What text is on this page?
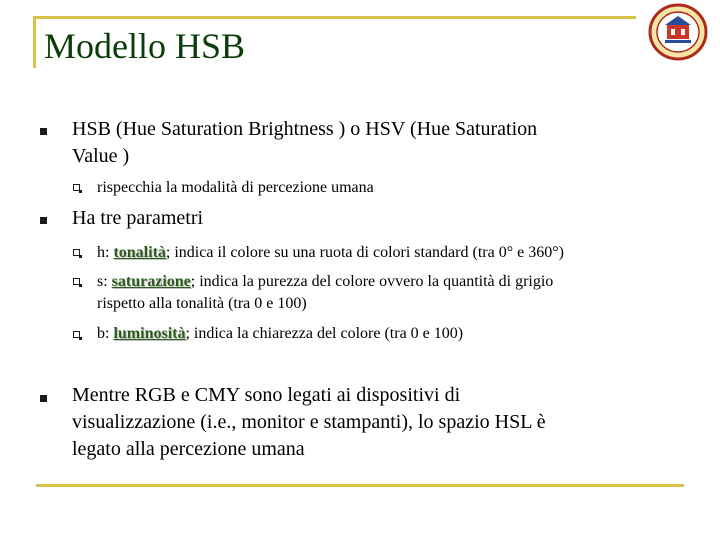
Modello HSB
HSB (Hue Saturation Brightness ) o HSV (Hue Saturation
Value )
rispecchia la modalità di percezione umana
Ha tre parametri
h: tonalità; indica il colore su una ruota di colori standard (tra 0° e 360°)
s: saturazione; indica la purezza del colore ovvero la quantità di grigio
rispetto alla tonalità (tra 0 e 100)
b: luminosità; indica la chiarezza del colore (tra 0 e 100)
Mentre RGB e CMY sono legati ai dispositivi di
visualizzazione (i.e., monitor e stampanti), lo spazio HSL è
legato alla percezione umana
